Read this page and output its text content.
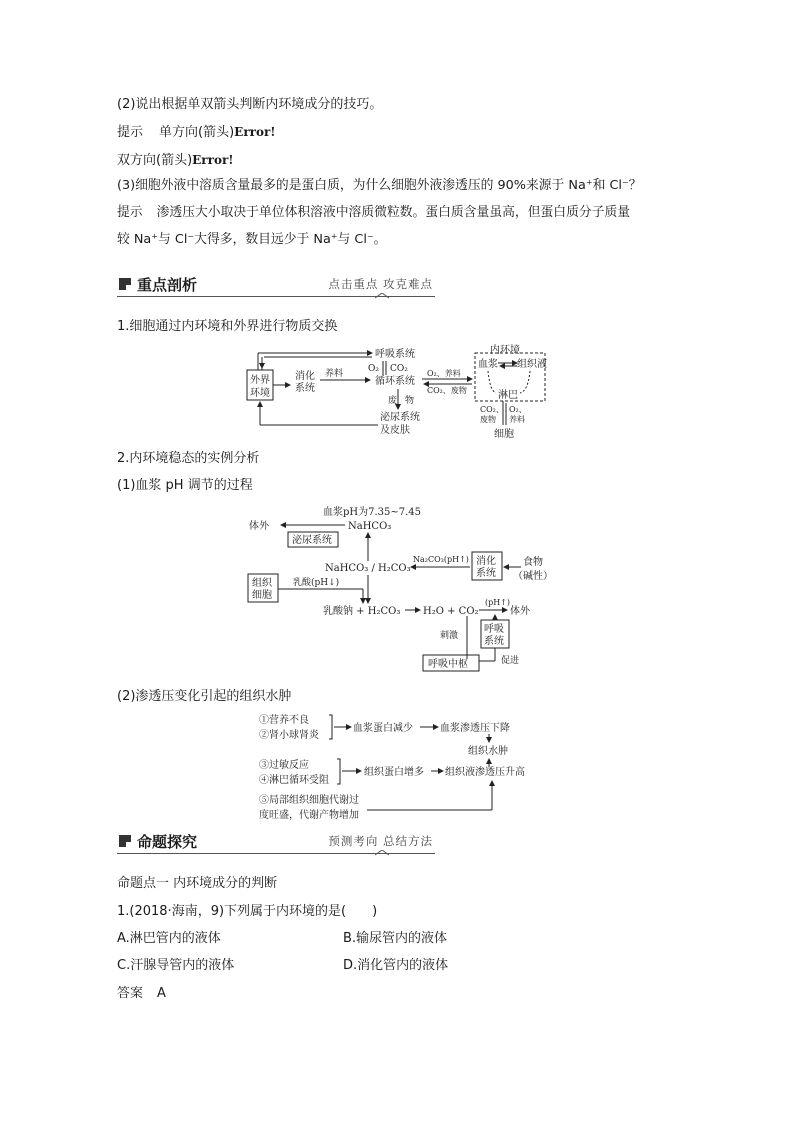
(2)说出根据单双箭头判断内环境成分的技巧。
提示 单方向(箭头)Error!
双方向(箭头)Error!
(3)细胞外液中溶质含量最多的是蛋白质，为什么细胞外液渗透压的 90%来源于 Na⁺和 Cl⁻？
提示 渗透压大小取决于单位体积溶液中溶质微粒数。蛋白质含量虽高，但蛋白质分子质量
较 Na⁺与 Cl⁻大得多，数目远少于 Na⁺与 Cl⁻。
重点剖析	点击重点 攻克难点
1.细胞通过内环境和外界进行物质交换
外界
环境
呼吸系统
O₂ CO₂
消化
系统
养料
循环系统
O₂、养料
CO₂、废物
废 物
泌尿系统
及皮肤
内环境
血浆 组织液
淋巴
CO₂、
废物
O₂、
养料
细胞
2.内环境稳态的实例分析
(1)血浆 pH 调节的过程
血浆pH为7.35~7.45
NaHCO₃
体外
泌尿系统
NaHCO₃ / H₂CO₃
Na₂CO₃(pH↑) 消化
系统
食物
（碱性）
组织
细胞
乳酸(pH↓)
乳酸钠 + H₂CO₃ H₂O + CO₂
(pH↑)
体外
刺激
呼吸
系统
促进
呼吸中枢
(2)渗透压变化引起的组织水肿
①营养不良
②肾小球肾炎
血浆蛋白减少	血浆渗透压下降
组织水肿
③过敏反应
④淋巴循环受阻
组织蛋白增多 组织液渗透压升高
⑤局部组织细胞代谢过
度旺盛，代谢产物增加
命题探究	预测考向 总结方法
命题点一 内环境成分的判断
1.(2018·海南，9)下列属于内环境的是(　　)
A.淋巴管内的液体	B.输尿管内的液体
C.汗腺导管内的液体	D.消化管内的液体
答案 A
